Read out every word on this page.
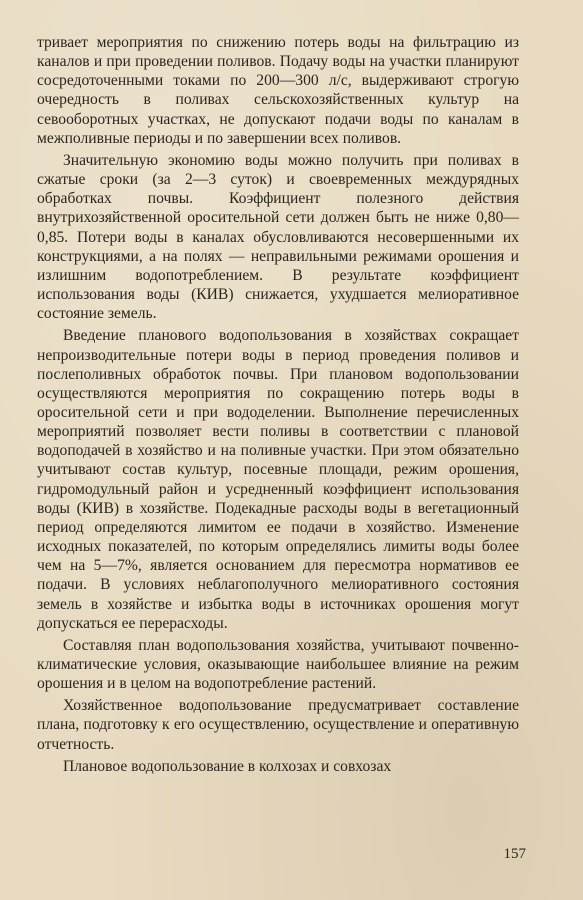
тривает мероприятия по снижению потерь воды на фильтрацию из каналов и при проведении поливов. Подачу воды на участки планируют сосредоточенными токами по 200—300 л/с, выдерживают строгую очередность в поливах сельскохозяйственных культур на севооборотных участках, не допускают подачи воды по каналам в межполивные периоды и по завершении всех поливов.

Значительную экономию воды можно получить при поливах в сжатые сроки (за 2—3 суток) и своевременных междурядных обработках почвы. Коэффициент полезного действия внутрихозяйственной оросительной сети должен быть не ниже 0,80—0,85. Потери воды в каналах обусловливаются несовершенными их конструкциями, а на полях — неправильными режимами орошения и излишним водопотреблением. В результате коэффициент использования воды (КИВ) снижается, ухудшается мелиоративное состояние земель.

Введение планового водопользования в хозяйствах сокращает непроизводительные потери воды в период проведения поливов и послеполивных обработок почвы. При плановом водопользовании осуществляются мероприятия по сокращению потерь воды в оросительной сети и при вододелении. Выполнение перечисленных мероприятий позволяет вести поливы в соответствии с плановой водоподачей в хозяйство и на поливные участки. При этом обязательно учитывают состав культур, посевные площади, режим орошения, гидромодульный район и усредненный коэффициент использования воды (КИВ) в хозяйстве. Подекадные расходы воды в вегетационный период определяются лимитом ее подачи в хозяйство. Изменение исходных показателей, по которым определялись лимиты воды более чем на 5—7%, является основанием для пересмотра нормативов ее подачи. В условиях неблагополучного мелиоративного состояния земель в хозяйстве и избытка воды в источниках орошения могут допускаться ее перерасходы.

Составляя план водопользования хозяйства, учитывают почвенно-климатические условия, оказывающие наибольшее влияние на режим орошения и в целом на водопотребление растений.

Хозяйственное водопользование предусматривает составление плана, подготовку к его осуществлению, осуществление и оперативную отчетность.

Плановое водопользование в колхозах и совхозах

157
